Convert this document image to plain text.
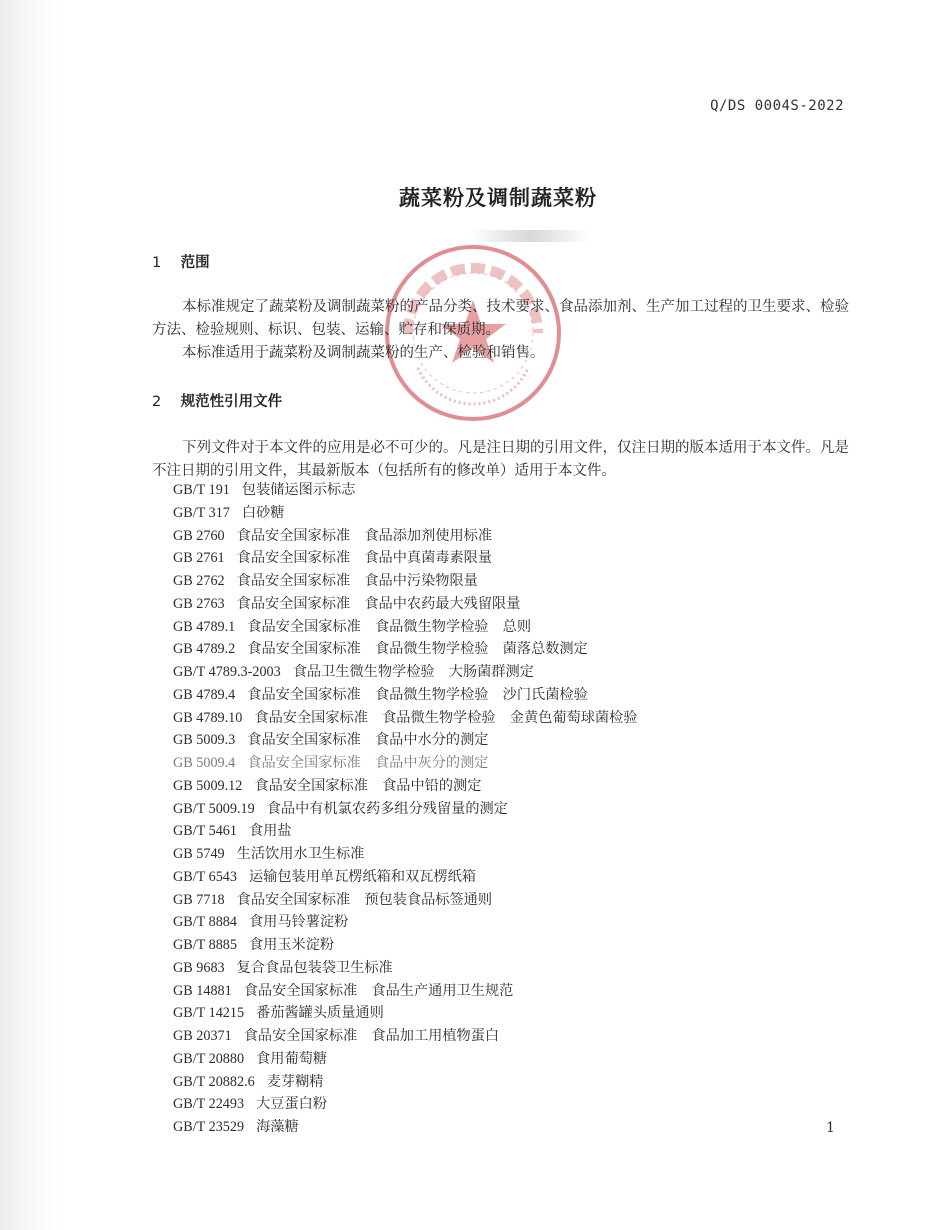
Q/DS 0004S-2022
蔬菜粉及调制蔬菜粉
1 范围

本标准规定了蔬菜粉及调制蔬菜粉的产品分类、技术要求、食品添加剂、生产加工过程的卫生要求、检验方法、检验规则、标识、包装、运输、贮存和保质期。

本标准适用于蔬菜粉及调制蔬菜粉的生产、检验和销售。

2 规范性引用文件

下列文件对于本文件的应用是必不可少的。凡是注日期的引用文件，仅注日期的版本适用于本文件。凡是不注日期的引用文件，其最新版本（包括所有的修改单）适用于本文件。

GB/T 191 包装储运图示标志
GB/T 317 白砂糖
GB 2760 食品安全国家标准　食品添加剂使用标准
GB 2761 食品安全国家标准　食品中真菌毒素限量
GB 2762 食品安全国家标准　食品中污染物限量
GB 2763 食品安全国家标准　食品中农药最大残留限量
GB 4789.1 食品安全国家标准　食品微生物学检验　总则
GB 4789.2 食品安全国家标准　食品微生物学检验　菌落总数测定
GB/T 4789.3-2003 食品卫生微生物学检验　大肠菌群测定
GB 4789.4 食品安全国家标准　食品微生物学检验　沙门氏菌检验
GB 4789.10 食品安全国家标准　食品微生物学检验　金黄色葡萄球菌检验
GB 5009.3 食品安全国家标准　食品中水分的测定
GB 5009.4 食品安全国家标准　食品中灰分的测定
GB 5009.12 食品安全国家标准　食品中铅的测定
GB/T 5009.19 食品中有机氯农药多组分残留量的测定
GB/T 5461 食用盐
GB 5749 生活饮用水卫生标准
GB/T 6543 运输包装用单瓦楞纸箱和双瓦楞纸箱
GB 7718 食品安全国家标准　预包装食品标签通则
GB/T 8884 食用马铃薯淀粉
GB/T 8885 食用玉米淀粉
GB 9683 复合食品包装袋卫生标准
GB 14881 食品安全国家标准　食品生产通用卫生规范
GB/T 14215 番茄酱罐头质量通则
GB 20371 食品安全国家标准　食品加工用植物蛋白
GB/T 20880 食用葡萄糖
GB/T 20882.6 麦芽糊精
GB/T 22493 大豆蛋白粉
GB/T 23529 海藻糖	1
